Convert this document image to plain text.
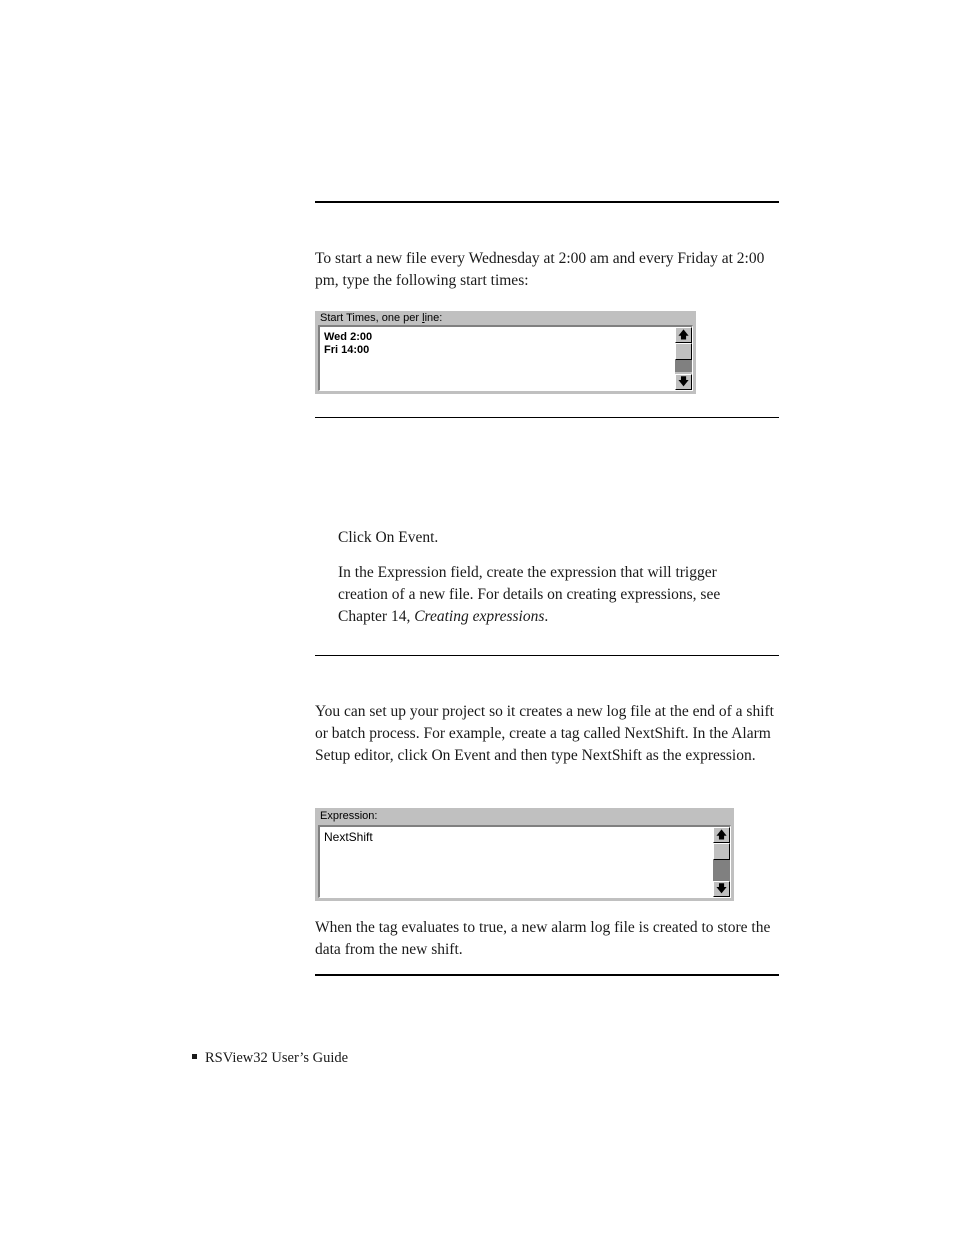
To start a new file every Wednesday at 2:00 am and every Friday at 2:00 pm, type the following start times:

Start Times, one per line:
Wed 2:00
Fri 14:00
🡅
🡇

Click On Event.

In the Expression field, create the expression that will trigger creation of a new file. For details on creating expressions, see Chapter 14, Creating expressions.

You can set up your project so it creates a new log file at the end of a shift or batch process. For example, create a tag called NextShift. In the Alarm Setup editor, click On Event and then type NextShift as the expression.

Expression:
NextShift	🡅
🡇

When the tag evaluates to true, a new alarm log file is created to store the data from the new shift.

RSView32 User’s Guide
